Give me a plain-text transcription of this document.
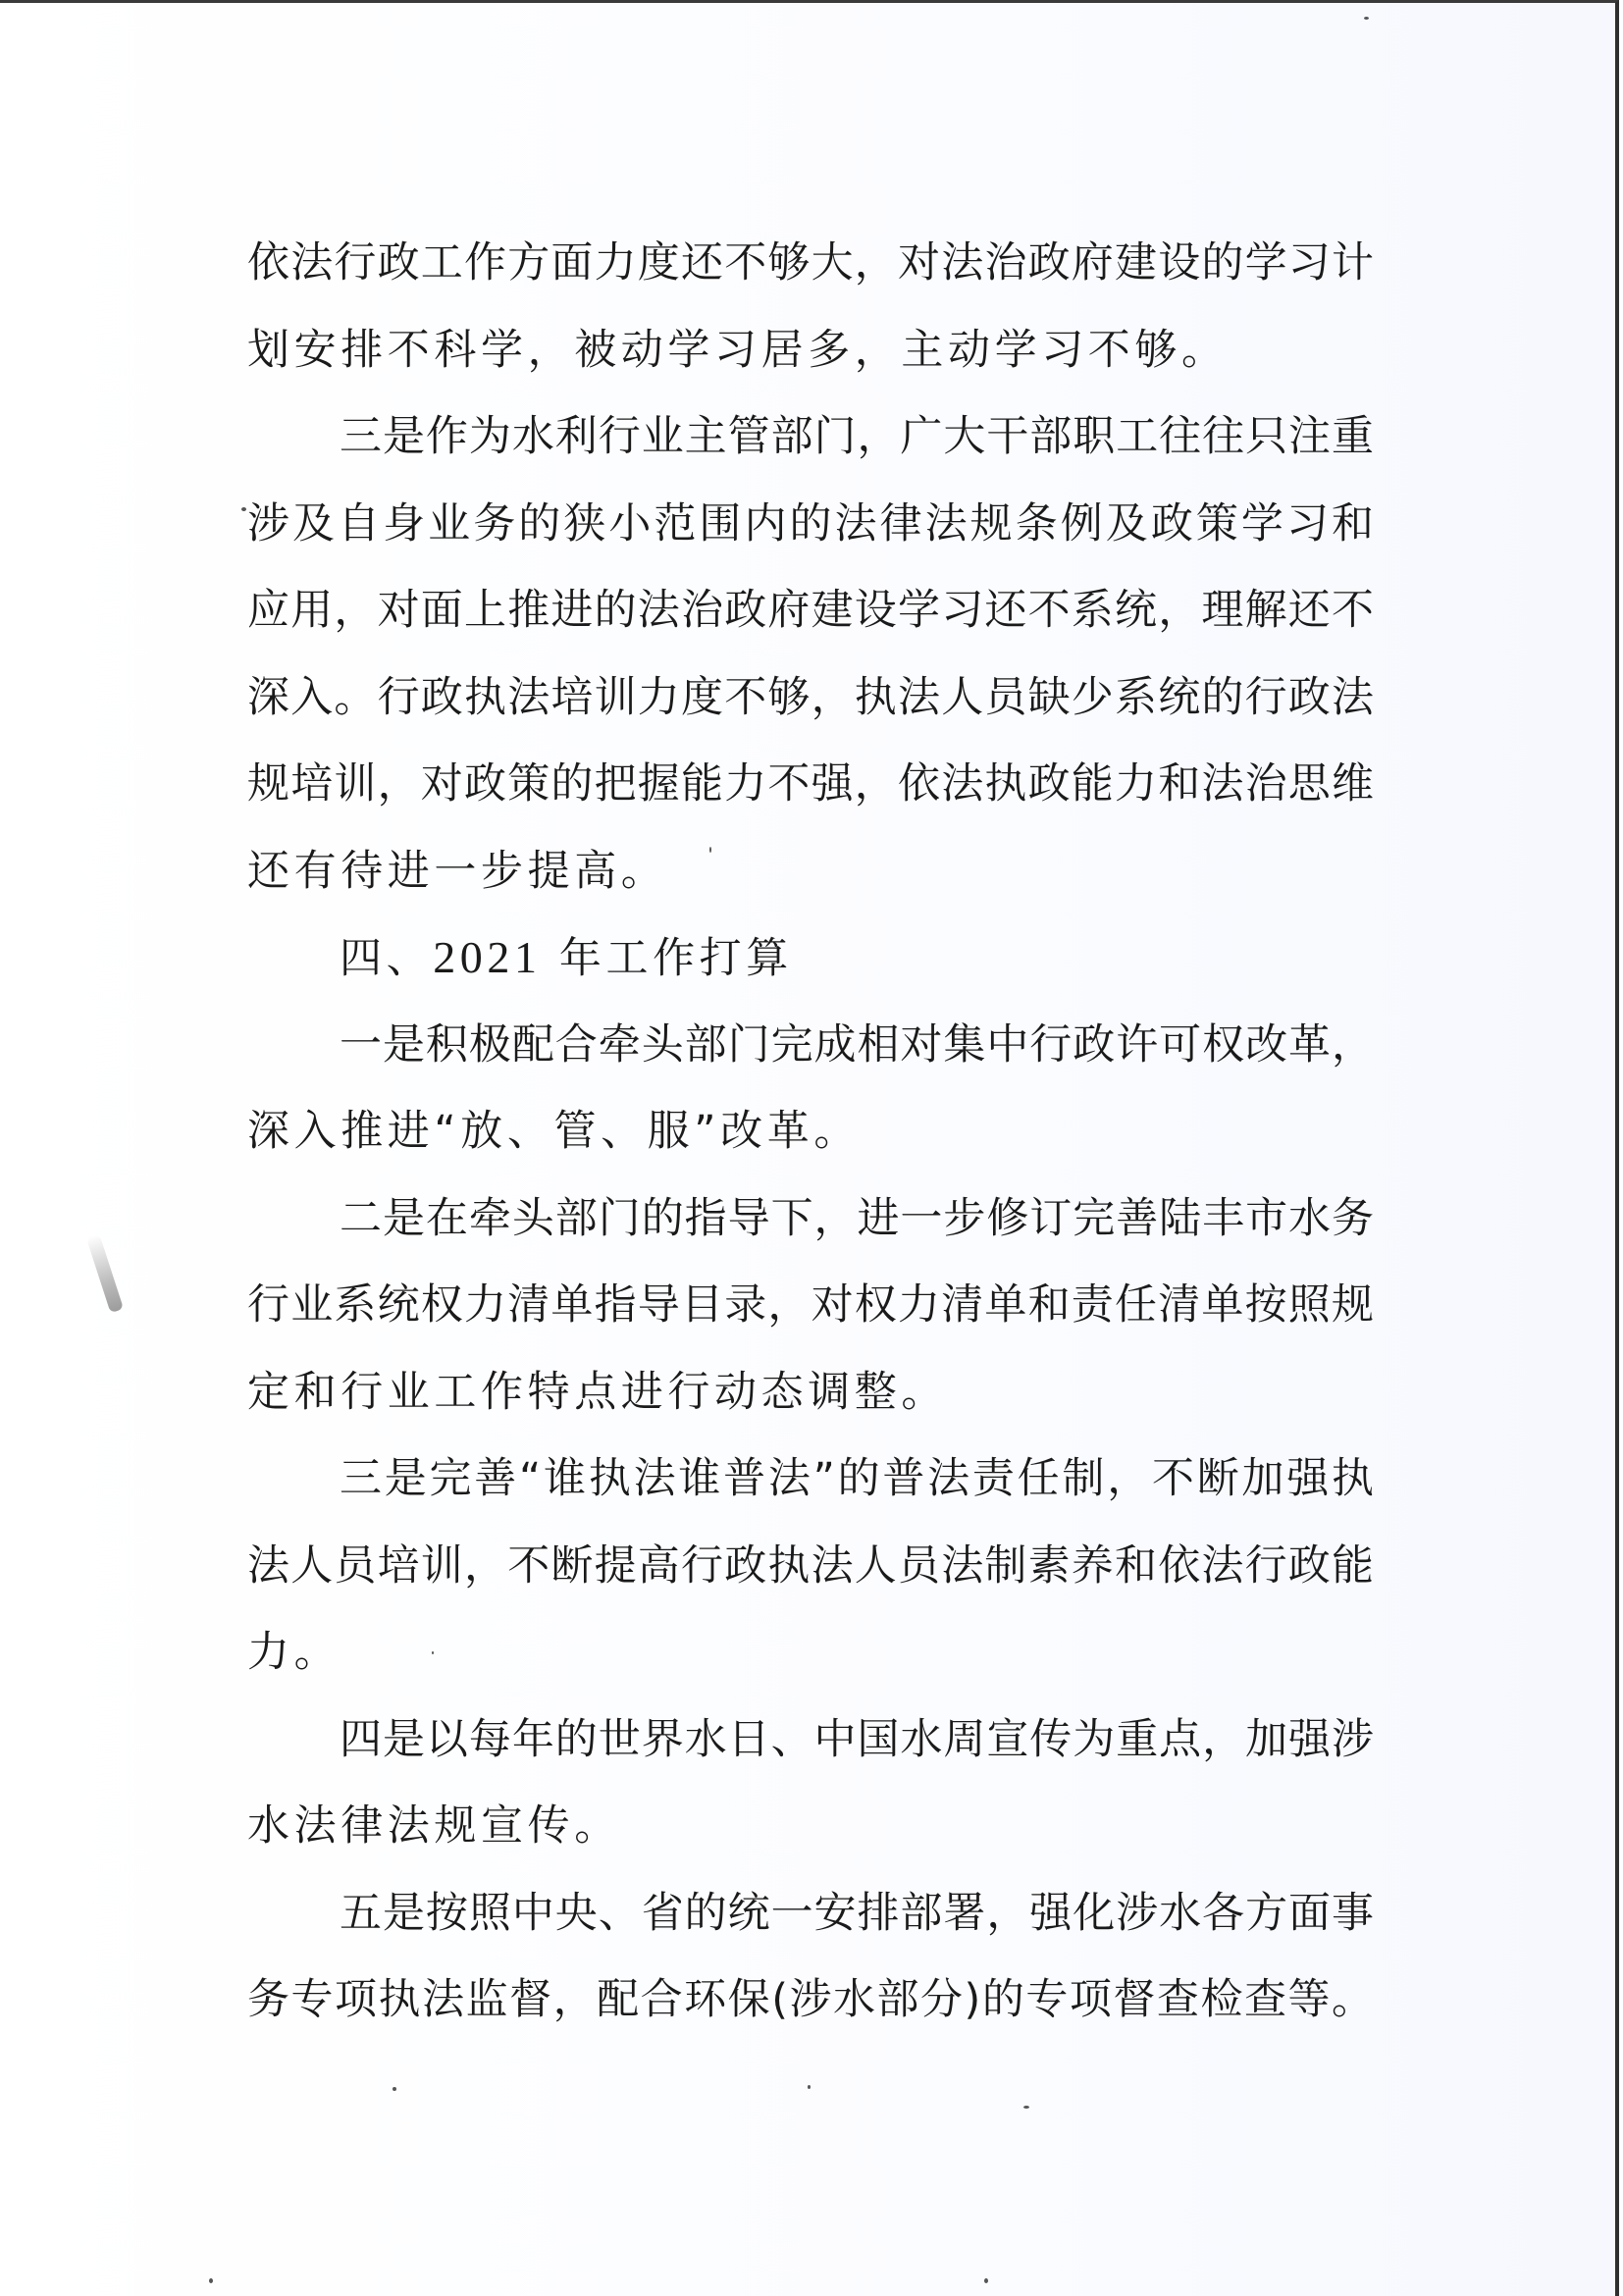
依法行政工作方面力度还不够大，对法治政府建设的学习计
划安排不科学，被动学习居多，主动学习不够。
三是作为水利行业主管部门，广大干部职工往往只注重
涉及自身业务的狭小范围内的法律法规条例及政策学习和
应用，对面上推进的法治政府建设学习还不系统，理解还不
深入。行政执法培训力度不够，执法人员缺少系统的行政法
规培训，对政策的把握能力不强，依法执政能力和法治思维
还有待进一步提高。
四、2021 年工作打算
一是积极配合牵头部门完成相对集中行政许可权改革，
深入推进“放、管、服”改革。
二是在牵头部门的指导下，进一步修订完善陆丰市水务
行业系统权力清单指导目录，对权力清单和责任清单按照规
定和行业工作特点进行动态调整。
三是完善“谁执法谁普法”的普法责任制，不断加强执
法人员培训，不断提高行政执法人员法制素养和依法行政能
力。
四是以每年的世界水日、中国水周宣传为重点，加强涉
水法律法规宣传。
五是按照中央、省的统一安排部署，强化涉水各方面事
务专项执法监督，配合环保(涉水部分)的专项督查检查等。
